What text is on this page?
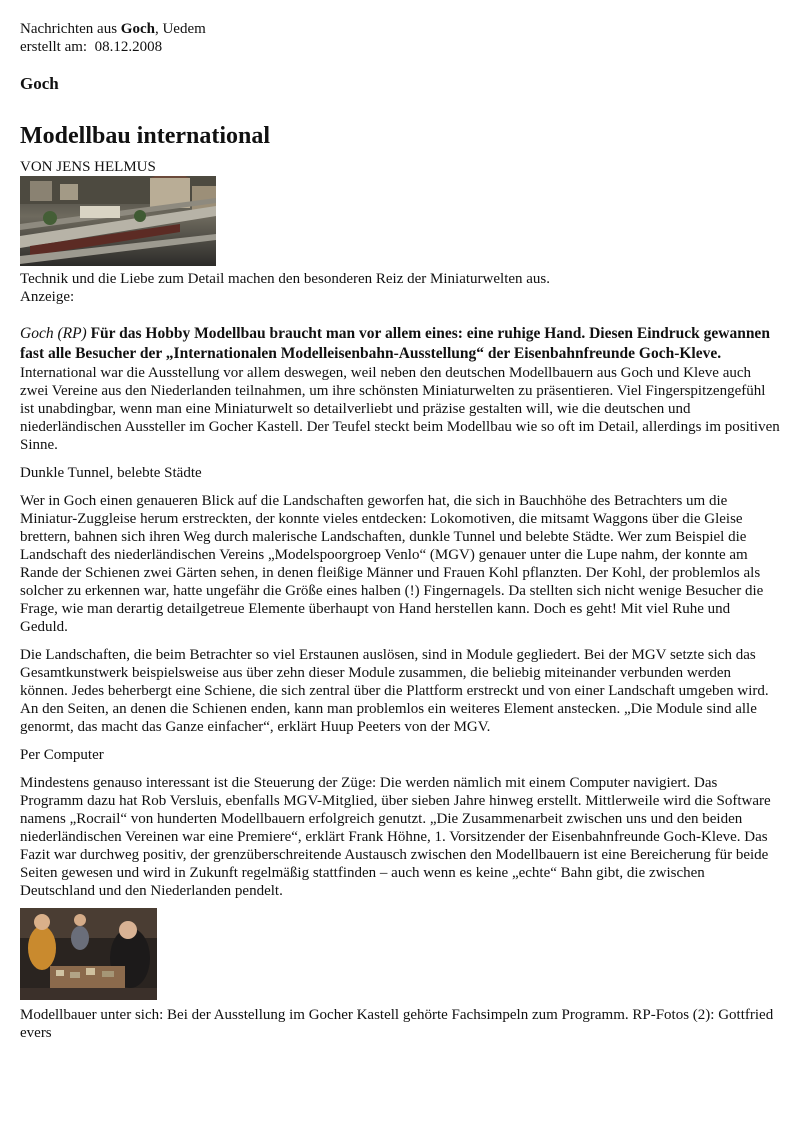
Nachrichten aus Goch, Uedem

erstellt am: 08.12.2008

Goch
Modellbau international
VON JENS HELMUS
Technik und die Liebe zum Detail machen den besonderen Reiz der Miniaturwelten aus.
Anzeige:

Goch (RP) Für das Hobby Modellbau braucht man vor allem eines: eine ruhige Hand. Diesen Eindruck gewannen fast alle Besucher der „Internationalen Modelleisenbahn-Ausstellung“ der Eisenbahnfreunde Goch-Kleve.

International war die Ausstellung vor allem deswegen, weil neben den deutschen Modellbauern aus Goch und Kleve auch zwei Vereine aus den Niederlanden teilnahmen, um ihre schönsten Miniaturwelten zu präsentieren. Viel Fingerspitzengefühl ist unabdingbar, wenn man eine Miniaturwelt so detailverliebt und präzise gestalten will, wie die deutschen und niederländischen Aussteller im Gocher Kastell. Der Teufel steckt beim Modellbau wie so oft im Detail, allerdings im positiven Sinne.

Dunkle Tunnel, belebte Städte

Wer in Goch einen genaueren Blick auf die Landschaften geworfen hat, die sich in Bauchhöhe des Betrachters um die Miniatur-Zuggleise herum erstreckten, der konnte vieles entdecken: Lokomotiven, die mitsamt Waggons über die Gleise brettern, bahnen sich ihren Weg durch malerische Landschaften, dunkle Tunnel und belebte Städte. Wer zum Beispiel die Landschaft des niederländischen Vereins „Modelspoorgroep Venlo“ (MGV) genauer unter die Lupe nahm, der konnte am Rande der Schienen zwei Gärten sehen, in denen fleißige Männer und Frauen Kohl pflanzten. Der Kohl, der problemlos als solcher zu erkennen war, hatte ungefähr die Größe eines halben (!) Fingernagels. Da stellten sich nicht wenige Besucher die Frage, wie man derartig detailgetreue Elemente überhaupt von Hand herstellen kann. Doch es geht! Mit viel Ruhe und Geduld.

Die Landschaften, die beim Betrachter so viel Erstaunen auslösen, sind in Module gegliedert. Bei der MGV setzte sich das Gesamtkunstwerk beispielsweise aus über zehn dieser Module zusammen, die beliebig miteinander verbunden werden können. Jedes beherbergt eine Schiene, die sich zentral über die Plattform erstreckt und von einer Landschaft umgeben wird. An den Seiten, an denen die Schienen enden, kann man problemlos ein weiteres Element anstecken. „Die Module sind alle genormt, das macht das Ganze einfacher“, erklärt Huup Peeters von der MGV.

Per Computer

Mindestens genauso interessant ist die Steuerung der Züge: Die werden nämlich mit einem Computer navigiert. Das Programm dazu hat Rob Versluis, ebenfalls MGV-Mitglied, über sieben Jahre hinweg erstellt. Mittlerweile wird die Software namens „Rocrail“ von hunderten Modellbauern erfolgreich genutzt. „Die Zusammenarbeit zwischen uns und den beiden niederländischen Vereinen war eine Premiere“, erklärt Frank Höhne, 1. Vorsitzender der Eisenbahnfreunde Goch-Kleve. Das Fazit war durchweg positiv, der grenzüberschreitende Austausch zwischen den Modellbauern ist eine Bereicherung für beide Seiten gewesen und wird in Zukunft regelmäßig stattfinden – auch wenn es keine „echte“ Bahn gibt, die zwischen Deutschland und den Niederlanden pendelt.

Modellbauer unter sich: Bei der Ausstellung im Gocher Kastell gehörte Fachsimpeln zum Programm. RP-Fotos (2): Gottfried evers
